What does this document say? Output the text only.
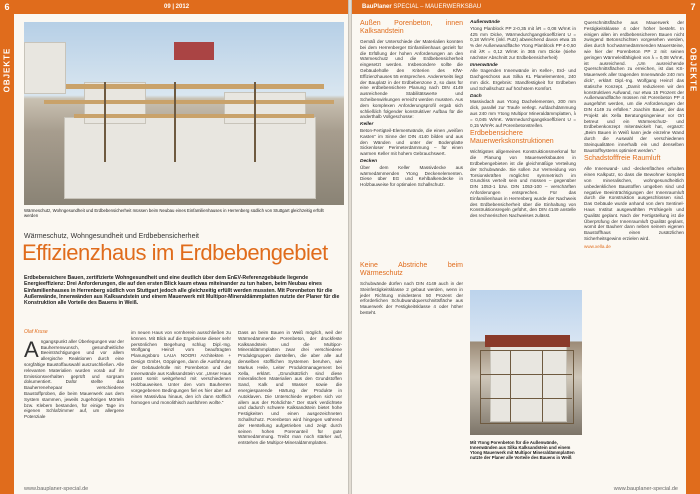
6
OBJEKTE
09 | 2012
Wärmeschutz, Wohngesundheit und Erdbebensicherheit müssen beim Neubau eines Einfamilienhauses in Herrenberg südlich von Stuttgart gleichzeitig erfüllt werden
Wärmeschutz, Wohngesundheit und Erdbebensicherheit
Effizienzhaus im Erdbebengebiet
Erdbebensichere Bauen, zertifizierte Wohngesundheit und eine deutlich über dem EnEV-Referenzgebäude liegende Energieeffizienz: Drei Anforderungen, die auf den ersten Blick kaum etwas miteinander zu tun haben, beim Neubau eines Einfamilienhauses in Herrenberg südlich von Stuttgart jedoch alle gleichzeitig erfüllt werden mussten. Mit Porenbeton für die Außenwände, Innenwänden aus Kalksandstein und einem Mauerwerk mit Multipor-Mineraldämmplatten nutzte der Planer für die Konstruktion alle Vorteile des Bauens in Weiß.
Olaf Kruse
A ngangspunkt aller Überlegungen war der Bauherrenwunsch, gesundheitliche Beeinträchtigungen und vor allem allergische Reaktionen durch eine sorgfältige Baustoffauswahl auszuschließen. Alle relevanten Materialien wurden vorab auf ihr Emissionsverhalten geprüft und sorgsam dokumentiert. Dafür stellte das Bauherrenehepaar verschiedene Baustoffproben, die beim Mauerwerk aus dem System stammen, jeweils zugehörigen Mörteln bzw. Klebern bestanden, für einige Tage im eigenen Schlafzimmer auf, um allergene Potenziale
im neuen Haus von vornherein ausschließen zu können. Mit Blick auf die Ergebnisse dieser sehr persönlichen Begehung schlug Dipl.-Ing. Wolfgang Heinzl vom beauftragten Planungsbüro LAUA NOORI Architekten + Design GmbH, Göppingen, dann die Ausführung der Gebäudehülle mit Porenbeton und der Innenwände aus Kalksandstein vor. „Unser Haus passt somit weitgehend mit verschiedenen Holzbauweisen. Unter den vom Bauherren vorgegebenen Bedingungen fiel es hier aber auf einen Massivbau hinaus, den ich dann stofflich homogen und monolithisch ausführen wollte.“
Dass an beim Bauen in Weiß möglich, weil der Wärmedämmende Porenbeton, der druckfeste Kalksandstein und die Multipor-Mineraldämmplatten zwar drei verschiedene Produktgruppen darstellen, die aber alle auf denselben stofflichen Systemen beruhen, wie Markus Heile, Leiter Produktmanagement bei Xella, erklärt. „Grundsätzlich sind diese mineralischen Materialien aus den Grundstoffen Sand, Kalk und Wasser sowie die energiesparende Härtung der Produkte in Autoklaven. Die Unterschiede ergeben sich vor allem aus der Rohdichte.“ Der stark verdichtete und dadurch schwere Kalksandstein bietet hohe Festigkeiten und einen ausgezeichneten Schallschutz. Porenbeton wird hingegen während der Herstellung aufgetrieben und zeigt durch seinen hohen Porenanteil für gute Wärmedämmung. Treibt man noch stärker auf, entstehen die Multipor-Mineraldämmplatten.
www.bauplaner-special.de
BauPlaner SPECIAL – MAUERWERKSBAU	7
OBJEKTE
Außen Porenbeton, innen Kalksandstein

Gemäß der Unterschiede der Materialien konnten bei dem Herrenberger Einfamilienhaus gezielt für die Erfüllung der hohen Anforderungen an den Wärmeschutz und die Erdbebensicherheit eingesetzt werden. Insbesondere sollte die Gebäudehülle den Kriterien des KfW-Effizienzhauses 55 entsprechen. Andererseits liegt der Bauplatz in der Erdbebenzone 2, so dass für eine erdbebensichere Planung nach DIN 4149 ausreichende Stabilitätswerte und Scheibenwirkungen erreicht werden mussten. Aus dem komplexen Anforderungsprofil ergab sich schließlich folgender konstruktiver Aufbau für die anderthalb Vollgeschosse:

Keller

Beton-Fertigteil-Elementwände, die einen „weißen Kasten“ im Sinne der DIN 4140 bilden und aus den Wänden und unter der Bodenplatte Sickenloser Perimeterdämmung – für einen warmen Keller mit hohem Gebrauchswert.

Decken

Über dem Keller Massivdecke aus wärmedämmenden Ytong Deckenelementen. Diese über EG und Kehlbalkendecke in Holzbauweise für optimalen Schallschutz.

Außenwände

Ytong Planblock PP 2-0,35 mit λR = 0,08 W/mK in 425 mm Dicke, Wärmedurchgangskoeffizient U = 0,18 W/m²K (inkl. Putz) abweichend davon etwa 15 % der Außenwandfläche Ytong Planblock PP 4-0,50 mit λR = 0,12 W/mK in 365 mm Dicke (siehe nächster Abschnitt zur Erdbebensicherheit)

Innenwände

Alle tragenden Innenwände im Keller-, Erd- und Dachgeschoss aus Silka KL Planelementen, 240 mm dick. Ergebnis: Standfestigkeit für Erdbeben und Schallschutz auf höchstem Komfort.

Dach

Massivdach aus Ytong Dachelementen, 200 mm dick, parallel zur Traufe verlegt. Aufdachdämmung aus 240 mm Ytong Multipor Mineraldämmplatten, λ = 0,045 W/mK. Wärmedurchgangskoeffizient U = 0,15 W/m²K auf Porenbetonstreifen.

Erdbebensichere Mauerwerkskonstruktionen

Wichtigstes allgemeines Konstruktionsmerkmal für die Planung von Mauerwerksbauten in Erdbebengebieten ist die gleichmäßige Verteilung der Schubwände. Sie sollen zur Vermeidung von Torsionskräften möglichst symmetrisch im Grundriss verteilt sein und müssen – gegenüber DIN 1053-1 bzw. DIN 1053-100 – verschärften Anforderungen entsprechen. Für das Einfamilienhaus in Herrenberg wurde der Nachweis des Erdbebensicherheit über die Einhaltung von Konstruktionsregeln geführt, den DIN 4149 anstelle des rechnerischen Nachweises zulässt.

Mit Ytong Porenbeton für die Außenwände, Innenwänden aus Silka Kalksandstein und einem Ytong Mauerwerk mit Multipor Mineraldämmplatten nutzte der Planer alle Vorteile des Bauens in Weiß

Querschnittsfläche aus Mauerwerk der Festigkeitsklasse 4 oder höher besteht. In einigen allen im erdbebensicheren Bauen nicht zwingend Betonschichten vorgesehen werden, dies durch hochwärmedämmenden Mauersteine, wie hier der Porenbeton PP 2 mit seinen geringen Wärmeleitfähigkeit von λ = 0,08 W/mK, ist ausreichend. „Um ausreichende Querschnittsflächen zu erreichen, ist das KS-Mauerwerk aller tragenden Innenwände 240 mm dick“, erklärt Dipl.-Ing. Wolfgang Heinzl das statische Konzept. „Damit reduzieren wir den konstruktiven Aufwand, nur etwa 15 Prozent der Außenwandfläche müssen mit Porenbeton PP 4 ausgeführt werden, um die Anforderungen der DIN 4149 zu erfüllen.“ Joachim Bauer, der das Projekt als Xella Beratungsingenieur vor Ort betreut und ein Wärmeschutz- und Erdbebenkonzept mitentwickelt hat, ergänzt: „Beim Bauen in Weiß kann jede einzelne Wand durch die Auswahl der verschiedenen Steinqualitäten innerhalb ein und denselben Baustoffsystems optimiert werden.“

Schadstofffreie Raumluft

Alle Innenwand- und -deckenflächen erhalten einen Kalkputz, so dass die Bewohner komplett von mineralischen, wohngesundheitlich unbedenklichen Baustoffen umgeben sind und negative Beeinträchtigungen der Innenraumluft durch die Konstruktion ausgeschlossen sind. Das Gebäude wurde anhand von dem Sentinel-Haus Institut ausgewählten Prüfsiegeln und Qualität geplant. Nach der Fertigstellung ist die Überprüfung der Innenraumluft Qualität geplant, womit der Bauherr dann neben seinem eigenen Baustoffhaus einen zusätzlichen Sicherheitsgewinn erzielen wird.

www.xella.de

Keine Abstriche beim Wärmeschutz

Schubwände dürfen nach DIN 4149 auch in der Steinfestigkeitsklasse 2 gebaut werden, wenn in jeder Richtung mindestens 50 Prozent der erforderlichen Schubwandquerschnittsfläche aus Mauerwerk der Festigkeitsklasse 4 oder höher besteht.

www.bauplaner-special.de
